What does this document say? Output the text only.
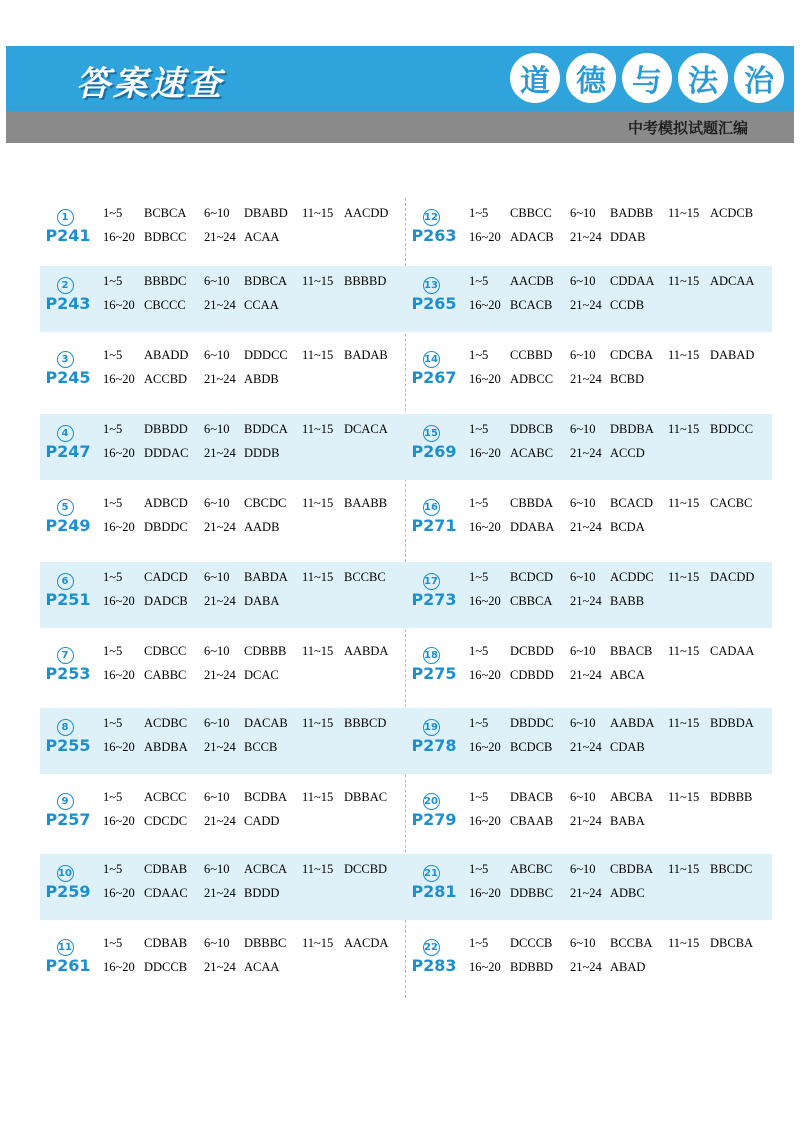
答案速查	道 德 与 法 治
中考模拟试题汇编
1
P241
1~5 BCBCA 6~10 DBABD 11~15 AACDD
16~20 BDBCC 21~24 ACAA
12
P263
1~5 CBBCC 6~10 BADBB 11~15 ACDCB
16~20 ADACB 21~24 DDAB
2
P243
1~5 BBBDC 6~10 BDBCA 11~15 BBBBD
16~20 CBCCC 21~24 CCAA
13
P265
1~5 AACDB 6~10 CDDAA 11~15 ADCAA
16~20 BCACB 21~24 CCDB
3
P245
1~5 ABADD 6~10 DDDCC 11~15 BADAB
16~20 ACCBD 21~24 ABDB
14
P267
1~5 CCBBD 6~10 CDCBA 11~15 DABAD
16~20 ADBCC 21~24 BCBD
4
P247
1~5 DBBDD 6~10 BDDCA 11~15 DCACA
16~20 DDDAC 21~24 DDDB
15
P269
1~5 DDBCB 6~10 DBDBA 11~15 BDDCC
16~20 ACABC 21~24 ACCD
5
P249
1~5 ADBCD 6~10 CBCDC 11~15 BAABB
16~20 DBDDC 21~24 AADB
16
P271
1~5 CBBDA 6~10 BCACD 11~15 CACBC
16~20 DDABA 21~24 BCDA
6
P251
1~5 CADCD 6~10 BABDA 11~15 BCCBC
16~20 DADCB 21~24 DABA
17
P273
1~5 BCDCD 6~10 ACDDC 11~15 DACDD
16~20 CBBCA 21~24 BABB
7
P253
1~5 CDBCC 6~10 CDBBB 11~15 AABDA
16~20 CABBC 21~24 DCAC
18
P275
1~5 DCBDD 6~10 BBACB 11~15 CADAA
16~20 CDBDD 21~24 ABCA
8
P255
1~5 ACDBC 6~10 DACAB 11~15 BBBCD
16~20 ABDBA 21~24 BCCB
19
P278
1~5 DBDDC 6~10 AABDA 11~15 BDBDA
16~20 BCDCB 21~24 CDAB
9
P257
1~5 ACBCC 6~10 BCDBA 11~15 DBBAC
16~20 CDCDC 21~24 CADD
20
P279
1~5 DBACB 6~10 ABCBA 11~15 BDBBB
16~20 CBAAB 21~24 BABA
10
P259
1~5 CDBAB 6~10 ACBCA 11~15 DCCBD
16~20 CDAAC 21~24 BDDD
21
P281
1~5 ABCBC 6~10 CBDBA 11~15 BBCDC
16~20 DDBBC 21~24 ADBC
11
P261
1~5 CDBAB 6~10 DBBBC 11~15 AACDA
16~20 DDCCB 21~24 ACAA
22
P283
1~5 DCCCB 6~10 BCCBA 11~15 DBCBA
16~20 BDBBD 21~24 ABAD
